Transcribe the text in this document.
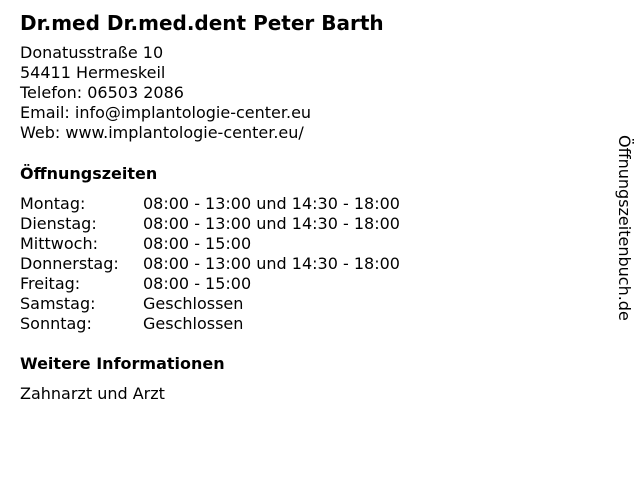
Dr.med Dr.med.dent Peter Barth
Donatusstraße 10
54411 Hermeskeil
Telefon: 06503 2086
Email: info@implantologie-center.eu
Web: www.implantologie-center.eu/
Öffnungszeiten
Montag:	08:00 - 13:00 und 14:30 - 18:00
Dienstag:	08:00 - 13:00 und 14:30 - 18:00
Mittwoch:	08:00 - 15:00
Donnerstag: 08:00 - 13:00 und 14:30 - 18:00
Freitag:	08:00 - 15:00
Samstag:	Geschlossen
Sonntag:	Geschlossen
Weitere Informationen
Zahnarzt und Arzt
Öffnungszeitenbuch.de
